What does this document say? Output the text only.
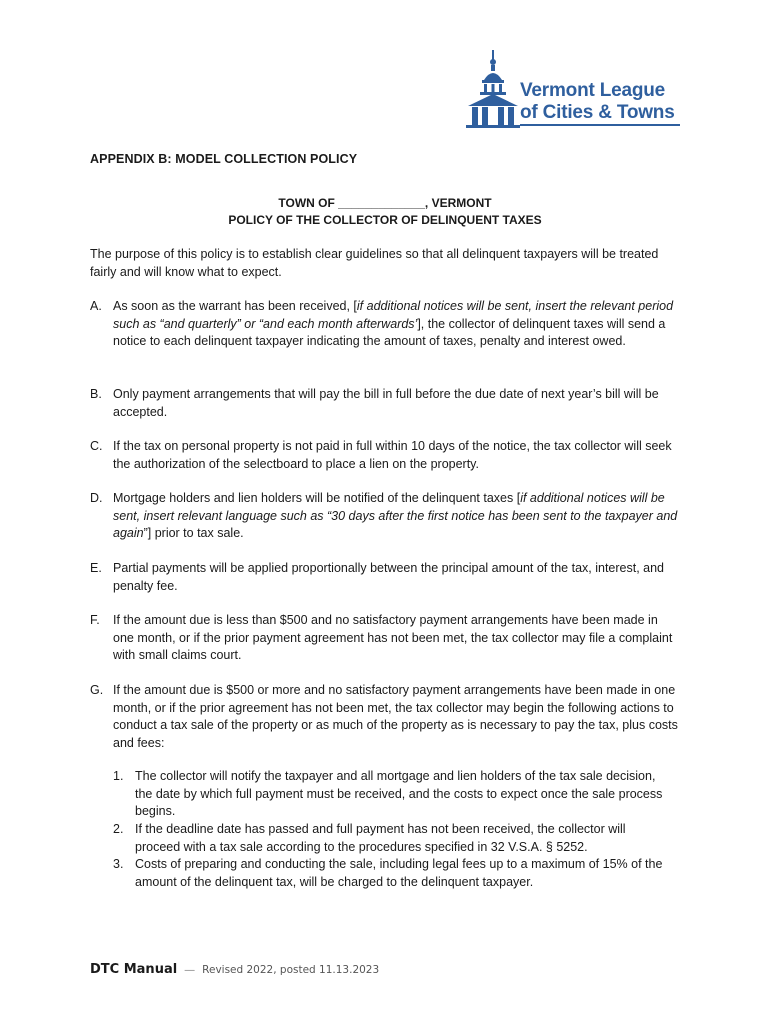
Vermont League
of Cities & Towns
APPENDIX B: MODEL COLLECTION POLICY
TOWN OF _____________, VERMONT
POLICY OF THE COLLECTOR OF DELINQUENT TAXES
The purpose of this policy is to establish clear guidelines so that all delinquent taxpayers will be treated fairly and will know what to expect.
A. As soon as the warrant has been received, [if additional notices will be sent, insert the relevant period such as “and quarterly” or “and each month afterwards’], the collector of delinquent taxes will send a notice to each delinquent taxpayer indicating the amount of taxes, penalty and interest owed.
B. Only payment arrangements that will pay the bill in full before the due date of next year’s bill will be accepted.
C. If the tax on personal property is not paid in full within 10 days of the notice, the tax collector will seek the authorization of the selectboard to place a lien on the property.
D. Mortgage holders and lien holders will be notified of the delinquent taxes [if additional notices will be sent, insert relevant language such as “30 days after the first notice has been sent to the taxpayer and again”] prior to tax sale.
E. Partial payments will be applied proportionally between the principal amount of the tax, interest, and penalty fee.
F.	If the amount due is less than $500 and no satisfactory payment arrangements have been made in one month, or if the prior payment agreement has not been met, the tax collector may file a complaint with small claims court.
G. If the amount due is $500 or more and no satisfactory payment arrangements have been made in one month, or if the prior agreement has not been met, the tax collector may begin the following actions to conduct a tax sale of the property or as much of the property as is necessary to pay the tax, plus costs and fees:
1. The collector will notify the taxpayer and all mortgage and lien holders of the tax sale decision, the date by which full payment must be received, and the costs to expect once the sale process begins.
2. If the deadline date has passed and full payment has not been received, the collector will proceed with a tax sale according to the procedures specified in 32 V.S.A. § 5252.
3. Costs of preparing and conducting the sale, including legal fees up to a maximum of 15% of the amount of the delinquent tax, will be charged to the delinquent taxpayer.
DTC Manual — Revised 2022, posted 11.13.2023
